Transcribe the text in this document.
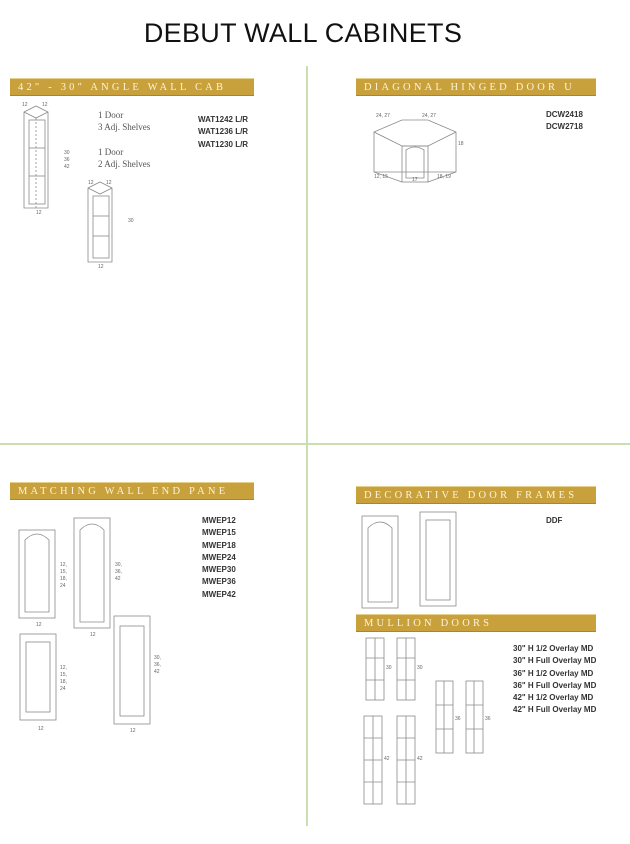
DEBUT WALL CABINETS
42" - 30" ANGLE WALL CAB
1 Door
3 Adj. Shelves
1 Door
2 Adj. Shelves
WAT1242 L/R
WAT1236 L/R
WAT1230 L/R
DIAGONAL HINGED DOOR U
DCW2418
DCW2718
MATCHING WALL END PANE
MWEP12
MWEP15
MWEP18
MWEP24
MWEP30
MWEP36
MWEP42
DECORATIVE DOOR FRAMES
DDF
MULLION DOORS
30" H 1/2 Overlay MD
30" H Full Overlay MD
36" H 1/2 Overlay MD
36" H Full Overlay MD
42" H 1/2 Overlay MD
42" H Full Overlay MD
12	12
30
36
42
12
12 12
30
12
24, 27	24, 27
18
12, 15	17	18, 19
12,
15,
18,
24
12
30,
36,
42
12
12,
15,
18,
24
12
30,
36,
42
12
30	30
36	36
42	42
